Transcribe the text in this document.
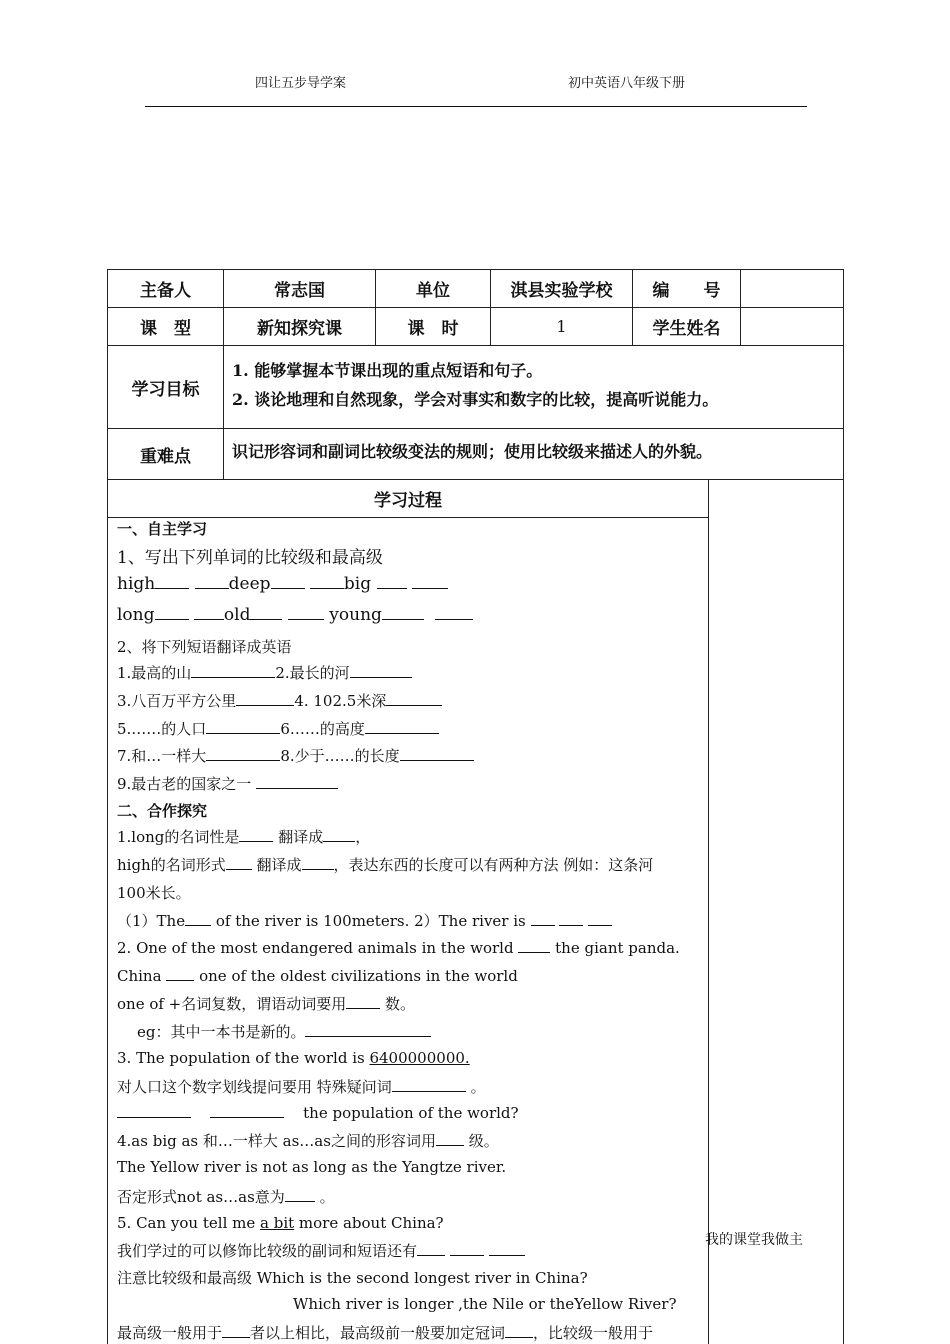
四让五步导学案	初中英语八年级下册
主备人	常志国	单位	淇县实验学校	编　　号
课　型	新知探究课	课　时	1	学生姓名
学习目标
1. 能够掌握本节课出现的重点短语和句子。
2. 谈论地理和自然现象，学会对事实和数字的比较，提高听说能力。
重难点	识记形容词和副词比较级变法的规则；使用比较级来描述人的外貌。
学习过程
我的课堂我做主
一、自主学习
1、写出下列单词的比较级和最高级
high	deep	big
long	old	young
2、将下列短语翻译成英语
1.最高的山	2.最长的河
3.八百万平方公里	4. 102.5米深
5.……的人口	6……的高度
7.和…一样大	8.少于……的长度
9.最古老的国家之一
二、合作探究
1.long的名词性是	翻译成 ，
high的名词形式 翻译成 ，表达东西的长度可以有两种方法 例如：这条河
100米长。
（1）The of the river is 100meters. 2）The river is
2. One of the most endangered animals in the world	the giant panda.
China	one of the oldest civilizations in the world
one of +名词复数，谓语动词要用	数。
eg：其中一本书是新的。
3. The population of the world is 6400000000.
对人口这个数字划线提问要用 特殊疑问词	。
the population of the world?
4.as big as 和…一样大 as…as之间的形容词用 级。
The Yellow river is not as long as the Yangtze river.
否定形式not as…as意为 。
5. Can you tell me a bit more about China?
我们学过的可以修饰比较级的副词和短语还有
注意比较级和最高级 Which is the second longest river in China?
Which river is longer ,the Nile or theYellow River?
最高级一般用于 者以上相比，最高级前一般要加定冠词 ，比较级一般用于
